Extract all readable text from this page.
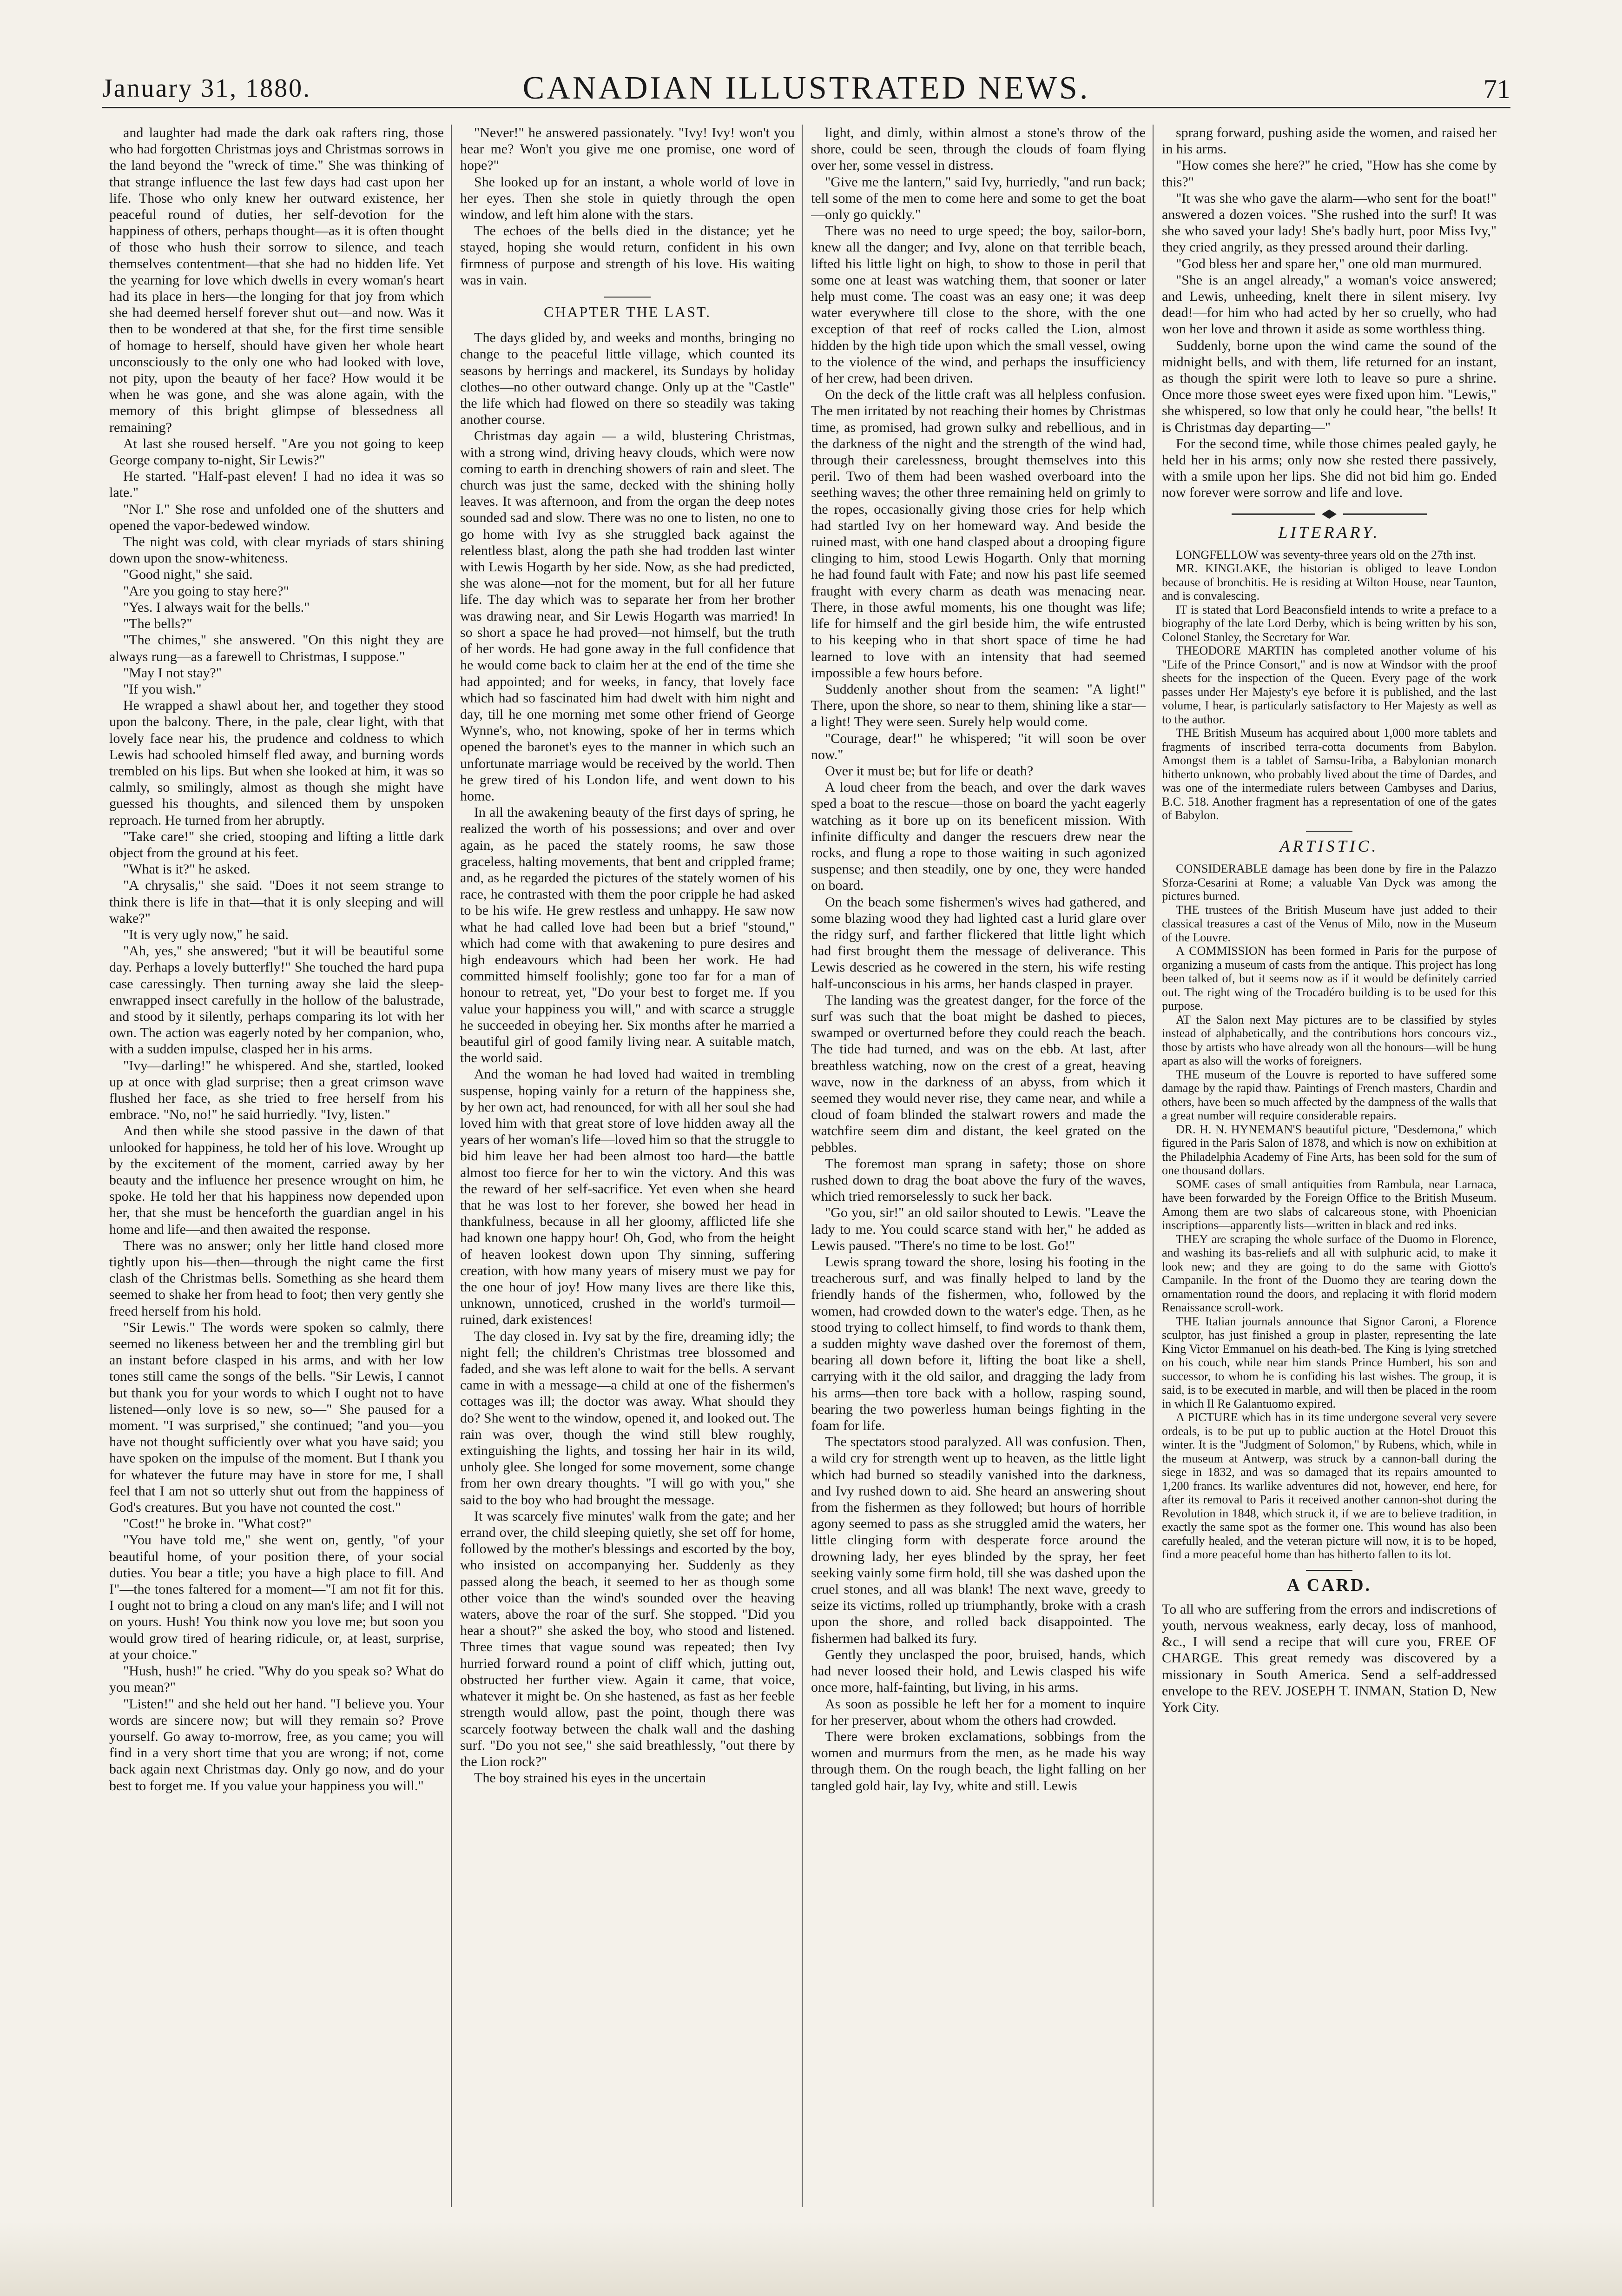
January 31, 1880.	CANADIAN ILLUSTRATED NEWS.	71

and laughter had made the dark oak rafters ring, those who had forgotten Christmas joys and Christmas sorrows in the land beyond the "wreck of time." She was thinking of that strange influence the last few days had cast upon her life. Those who only knew her outward existence, her peaceful round of duties, her self-devotion for the happiness of others, perhaps thought—as it is often thought of those who hush their sorrow to silence, and teach themselves contentment—that she had no hidden life. Yet the yearning for love which dwells in every woman's heart had its place in hers—the longing for that joy from which she had deemed herself forever shut out—and now. Was it then to be wondered at that she, for the first time sensible of homage to herself, should have given her whole heart unconsciously to the only one who had looked with love, not pity, upon the beauty of her face? How would it be when he was gone, and she was alone again, with the memory of this bright glimpse of blessedness all remaining?

At last she roused herself. "Are you not going to keep George company to-night, Sir Lewis?"

He started. "Half-past eleven! I had no idea it was so late."

"Nor I." She rose and unfolded one of the shutters and opened the vapor-bedewed window.

The night was cold, with clear myriads of stars shining down upon the snow-whiteness.

"Good night," she said.

"Are you going to stay here?"

"Yes. I always wait for the bells."

"The bells?"

"The chimes," she answered. "On this night they are always rung—as a farewell to Christmas, I suppose."

"May I not stay?"

"If you wish."

He wrapped a shawl about her, and together they stood upon the balcony. There, in the pale, clear light, with that lovely face near his, the prudence and coldness to which Lewis had schooled himself fled away, and burning words trembled on his lips. But when she looked at him, it was so calmly, so smilingly, almost as though she might have guessed his thoughts, and silenced them by unspoken reproach. He turned from her abruptly.

"Take care!" she cried, stooping and lifting a little dark object from the ground at his feet.

"What is it?" he asked.

"A chrysalis," she said. "Does it not seem strange to think there is life in that—that it is only sleeping and will wake?"

"It is very ugly now," he said.

"Ah, yes," she answered; "but it will be beautiful some day. Perhaps a lovely butterfly!" She touched the hard pupa case caressingly. Then turning away she laid the sleep-enwrapped insect carefully in the hollow of the balustrade, and stood by it silently, perhaps comparing its lot with her own. The action was eagerly noted by her companion, who, with a sudden impulse, clasped her in his arms.

"Ivy—darling!" he whispered. And she, startled, looked up at once with glad surprise; then a great crimson wave flushed her face, as she tried to free herself from his embrace. "No, no!" he said hurriedly. "Ivy, listen."

And then while she stood passive in the dawn of that unlooked for happiness, he told her of his love. Wrought up by the excitement of the moment, carried away by her beauty and the influence her presence wrought on him, he spoke. He told her that his happiness now depended upon her, that she must be henceforth the guardian angel in his home and life—and then awaited the response.

There was no answer; only her little hand closed more tightly upon his—then—through the night came the first clash of the Christmas bells. Something as she heard them seemed to shake her from head to foot; then very gently she freed herself from his hold.

"Sir Lewis." The words were spoken so calmly, there seemed no likeness between her and the trembling girl but an instant before clasped in his arms, and with her low tones still came the songs of the bells. "Sir Lewis, I cannot but thank you for your words to which I ought not to have listened—only love is so new, so—" She paused for a moment. "I was surprised," she continued; "and you—you have not thought sufficiently over what you have said; you have spoken on the impulse of the moment. But I thank you for whatever the future may have in store for me, I shall feel that I am not so utterly shut out from the happiness of God's creatures. But you have not counted the cost."

"Cost!" he broke in. "What cost?"

"You have told me," she went on, gently, "of your beautiful home, of your position there, of your social duties. You bear a title; you have a high place to fill. And I"—the tones faltered for a moment—"I am not fit for this. I ought not to bring a cloud on any man's life; and I will not on yours. Hush! You think now you love me; but soon you would grow tired of hearing ridicule, or, at least, surprise, at your choice."

"Hush, hush!" he cried. "Why do you speak so? What do you mean?"

"Listen!" and she held out her hand. "I believe you. Your words are sincere now; but will they remain so? Prove yourself. Go away to-morrow, free, as you came; you will find in a very short time that you are wrong; if not, come back again next Christmas day. Only go now, and do your best to forget me. If you value your happiness you will."

"Never!" he answered passionately. "Ivy! Ivy! won't you hear me? Won't you give me one promise, one word of hope?"

She looked up for an instant, a whole world of love in her eyes. Then she stole in quietly through the open window, and left him alone with the stars.

The echoes of the bells died in the distance; yet he stayed, hoping she would return, confident in his own firmness of purpose and strength of his love. His waiting was in vain.

CHAPTER THE LAST.

The days glided by, and weeks and months, bringing no change to the peaceful little village, which counted its seasons by herrings and mackerel, its Sundays by holiday clothes—no other outward change. Only up at the "Castle" the life which had flowed on there so steadily was taking another course.

Christmas day again — a wild, blustering Christmas, with a strong wind, driving heavy clouds, which were now coming to earth in drenching showers of rain and sleet. The church was just the same, decked with the shining holly leaves. It was afternoon, and from the organ the deep notes sounded sad and slow. There was no one to listen, no one to go home with Ivy as she struggled back against the relentless blast, along the path she had trodden last winter with Lewis Hogarth by her side. Now, as she had predicted, she was alone—not for the moment, but for all her future life. The day which was to separate her from her brother was drawing near, and Sir Lewis Hogarth was married! In so short a space he had proved—not himself, but the truth of her words. He had gone away in the full confidence that he would come back to claim her at the end of the time she had appointed; and for weeks, in fancy, that lovely face which had so fascinated him had dwelt with him night and day, till he one morning met some other friend of George Wynne's, who, not knowing, spoke of her in terms which opened the baronet's eyes to the manner in which such an unfortunate marriage would be received by the world. Then he grew tired of his London life, and went down to his home.

In all the awakening beauty of the first days of spring, he realized the worth of his possessions; and over and over again, as he paced the stately rooms, he saw those graceless, halting movements, that bent and crippled frame; and, as he regarded the pictures of the stately women of his race, he contrasted with them the poor cripple he had asked to be his wife. He grew restless and unhappy. He saw now what he had called love had been but a brief "stound," which had come with that awakening to pure desires and high endeavours which had been her work. He had committed himself foolishly; gone too far for a man of honour to retreat, yet, "Do your best to forget me. If you value your happiness you will," and with scarce a struggle he succeeded in obeying her. Six months after he married a beautiful girl of good family living near. A suitable match, the world said.

And the woman he had loved had waited in trembling suspense, hoping vainly for a return of the happiness she, by her own act, had renounced, for with all her soul she had loved him with that great store of love hidden away all the years of her woman's life—loved him so that the struggle to bid him leave her had been almost too hard—the battle almost too fierce for her to win the victory. And this was the reward of her self-sacrifice. Yet even when she heard that he was lost to her forever, she bowed her head in thankfulness, because in all her gloomy, afflicted life she had known one happy hour! Oh, God, who from the height of heaven lookest down upon Thy sinning, suffering creation, with how many years of misery must we pay for the one hour of joy! How many lives are there like this, unknown, unnoticed, crushed in the world's turmoil—ruined, dark existences!

The day closed in. Ivy sat by the fire, dreaming idly; the night fell; the children's Christmas tree blossomed and faded, and she was left alone to wait for the bells. A servant came in with a message—a child at one of the fishermen's cottages was ill; the doctor was away. What should they do? She went to the window, opened it, and looked out. The rain was over, though the wind still blew roughly, extinguishing the lights, and tossing her hair in its wild, unholy glee. She longed for some movement, some change from her own dreary thoughts. "I will go with you," she said to the boy who had brought the message.

It was scarcely five minutes' walk from the gate; and her errand over, the child sleeping quietly, she set off for home, followed by the mother's blessings and escorted by the boy, who insisted on accompanying her. Suddenly as they passed along the beach, it seemed to her as though some other voice than the wind's sounded over the heaving waters, above the roar of the surf. She stopped. "Did you hear a shout?" she asked the boy, who stood and listened. Three times that vague sound was repeated; then Ivy hurried forward round a point of cliff which, jutting out, obstructed her further view. Again it came, that voice, whatever it might be. On she hastened, as fast as her feeble strength would allow, past the point, though there was scarcely footway between the chalk wall and the dashing surf. "Do you not see," she said breathlessly, "out there by the Lion rock?"

The boy strained his eyes in the uncertain

light, and dimly, within almost a stone's throw of the shore, could be seen, through the clouds of foam flying over her, some vessel in distress.

"Give me the lantern," said Ivy, hurriedly, "and run back; tell some of the men to come here and some to get the boat—only go quickly."

There was no need to urge speed; the boy, sailor-born, knew all the danger; and Ivy, alone on that terrible beach, lifted his little light on high, to show to those in peril that some one at least was watching them, that sooner or later help must come. The coast was an easy one; it was deep water everywhere till close to the shore, with the one exception of that reef of rocks called the Lion, almost hidden by the high tide upon which the small vessel, owing to the violence of the wind, and perhaps the insufficiency of her crew, had been driven.

On the deck of the little craft was all helpless confusion. The men irritated by not reaching their homes by Christmas time, as promised, had grown sulky and rebellious, and in the darkness of the night and the strength of the wind had, through their carelessness, brought themselves into this peril. Two of them had been washed overboard into the seething waves; the other three remaining held on grimly to the ropes, occasionally giving those cries for help which had startled Ivy on her homeward way. And beside the ruined mast, with one hand clasped about a drooping figure clinging to him, stood Lewis Hogarth. Only that morning he had found fault with Fate; and now his past life seemed fraught with every charm as death was menacing near. There, in those awful moments, his one thought was life; life for himself and the girl beside him, the wife entrusted to his keeping who in that short space of time he had learned to love with an intensity that had seemed impossible a few hours before.

Suddenly another shout from the seamen: "A light!" There, upon the shore, so near to them, shining like a star—a light! They were seen. Surely help would come.

"Courage, dear!" he whispered; "it will soon be over now."

Over it must be; but for life or death?

A loud cheer from the beach, and over the dark waves sped a boat to the rescue—those on board the yacht eagerly watching as it bore up on its beneficent mission. With infinite difficulty and danger the rescuers drew near the rocks, and flung a rope to those waiting in such agonized suspense; and then steadily, one by one, they were handed on board.

On the beach some fishermen's wives had gathered, and some blazing wood they had lighted cast a lurid glare over the ridgy surf, and farther flickered that little light which had first brought them the message of deliverance. This Lewis descried as he cowered in the stern, his wife resting half-unconscious in his arms, her hands clasped in prayer.

The landing was the greatest danger, for the force of the surf was such that the boat might be dashed to pieces, swamped or overturned before they could reach the beach. The tide had turned, and was on the ebb. At last, after breathless watching, now on the crest of a great, heaving wave, now in the darkness of an abyss, from which it seemed they would never rise, they came near, and while a cloud of foam blinded the stalwart rowers and made the watchfire seem dim and distant, the keel grated on the pebbles.

The foremost man sprang in safety; those on shore rushed down to drag the boat above the fury of the waves, which tried remorselessly to suck her back.

"Go you, sir!" an old sailor shouted to Lewis. "Leave the lady to me. You could scarce stand with her," he added as Lewis paused. "There's no time to be lost. Go!"

Lewis sprang toward the shore, losing his footing in the treacherous surf, and was finally helped to land by the friendly hands of the fishermen, who, followed by the women, had crowded down to the water's edge. Then, as he stood trying to collect himself, to find words to thank them, a sudden mighty wave dashed over the foremost of them, bearing all down before it, lifting the boat like a shell, carrying with it the old sailor, and dragging the lady from his arms—then tore back with a hollow, rasping sound, bearing the two powerless human beings fighting in the foam for life.

The spectators stood paralyzed. All was confusion. Then, a wild cry for strength went up to heaven, as the little light which had burned so steadily vanished into the darkness, and Ivy rushed down to aid. She heard an answering shout from the fishermen as they followed; but hours of horrible agony seemed to pass as she struggled amid the waters, her little clinging form with desperate force around the drowning lady, her eyes blinded by the spray, her feet seeking vainly some firm hold, till she was dashed upon the cruel stones, and all was blank! The next wave, greedy to seize its victims, rolled up triumphantly, broke with a crash upon the shore, and rolled back disappointed. The fishermen had balked its fury.

Gently they unclasped the poor, bruised, hands, which had never loosed their hold, and Lewis clasped his wife once more, half-fainting, but living, in his arms.

As soon as possible he left her for a moment to inquire for her preserver, about whom the others had crowded.

There were broken exclamations, sobbings from the women and murmurs from the men, as he made his way through them. On the rough beach, the light falling on her tangled gold hair, lay Ivy, white and still. Lewis

sprang forward, pushing aside the women, and raised her in his arms.

"How comes she here?" he cried, "How has she come by this?"

"It was she who gave the alarm—who sent for the boat!" answered a dozen voices. "She rushed into the surf! It was she who saved your lady! She's badly hurt, poor Miss Ivy," they cried angrily, as they pressed around their darling.

"God bless her and spare her," one old man murmured.

"She is an angel already," a woman's voice answered; and Lewis, unheeding, knelt there in silent misery. Ivy dead!—for him who had acted by her so cruelly, who had won her love and thrown it aside as some worthless thing.

Suddenly, borne upon the wind came the sound of the midnight bells, and with them, life returned for an instant, as though the spirit were loth to leave so pure a shrine. Once more those sweet eyes were fixed upon him. "Lewis," she whispered, so low that only he could hear, "the bells! It is Christmas day departing—"

For the second time, while those chimes pealed gayly, he held her in his arms; only now she rested there passively, with a smile upon her lips. She did not bid him go. Ended now forever were sorrow and life and love.

LITERARY.

LONGFELLOW was seventy-three years old on the 27th inst.

MR. KINGLAKE, the historian is obliged to leave London because of bronchitis. He is residing at Wilton House, near Taunton, and is convalescing.

IT is stated that Lord Beaconsfield intends to write a preface to a biography of the late Lord Derby, which is being written by his son, Colonel Stanley, the Secretary for War.

THEODORE MARTIN has completed another volume of his "Life of the Prince Consort," and is now at Windsor with the proof sheets for the inspection of the Queen. Every page of the work passes under Her Majesty's eye before it is published, and the last volume, I hear, is particularly satisfactory to Her Majesty as well as to the author.

THE British Museum has acquired about 1,000 more tablets and fragments of inscribed terra-cotta documents from Babylon. Amongst them is a tablet of Samsu-Iriba, a Babylonian monarch hitherto unknown, who probably lived about the time of Dardes, and was one of the intermediate rulers between Cambyses and Darius, B.C. 518. Another fragment has a representation of one of the gates of Babylon.

ARTISTIC.

CONSIDERABLE damage has been done by fire in the Palazzo Sforza-Cesarini at Rome; a valuable Van Dyck was among the pictures burned.

THE trustees of the British Museum have just added to their classical treasures a cast of the Venus of Milo, now in the Museum of the Louvre.

A COMMISSION has been formed in Paris for the purpose of organizing a museum of casts from the antique. This project has long been talked of, but it seems now as if it would be definitely carried out. The right wing of the Trocadéro building is to be used for this purpose.

AT the Salon next May pictures are to be classified by styles instead of alphabetically, and the contributions hors concours viz., those by artists who have already won all the honours—will be hung apart as also will the works of foreigners.

THE museum of the Louvre is reported to have suffered some damage by the rapid thaw. Paintings of French masters, Chardin and others, have been so much affected by the dampness of the walls that a great number will require considerable repairs.

DR. H. N. HYNEMAN'S beautiful picture, "Desdemona," which figured in the Paris Salon of 1878, and which is now on exhibition at the Philadelphia Academy of Fine Arts, has been sold for the sum of one thousand dollars.

SOME cases of small antiquities from Rambula, near Larnaca, have been forwarded by the Foreign Office to the British Museum. Among them are two slabs of calcareous stone, with Phoenician inscriptions—apparently lists—written in black and red inks.

THEY are scraping the whole surface of the Duomo in Florence, and washing its bas-reliefs and all with sulphuric acid, to make it look new; and they are going to do the same with Giotto's Campanile. In the front of the Duomo they are tearing down the ornamentation round the doors, and replacing it with florid modern Renaissance scroll-work.

THE Italian journals announce that Signor Caroni, a Florence sculptor, has just finished a group in plaster, representing the late King Victor Emmanuel on his death-bed. The King is lying stretched on his couch, while near him stands Prince Humbert, his son and successor, to whom he is confiding his last wishes. The group, it is said, is to be executed in marble, and will then be placed in the room in which Il Re Galantuomo expired.

A PICTURE which has in its time undergone several very severe ordeals, is to be put up to public auction at the Hotel Drouot this winter. It is the "Judgment of Solomon," by Rubens, which, while in the museum at Antwerp, was struck by a cannon-ball during the siege in 1832, and was so damaged that its repairs amounted to 1,200 francs. Its warlike adventures did not, however, end here, for after its removal to Paris it received another cannon-shot during the Revolution in 1848, which struck it, if we are to believe tradition, in exactly the same spot as the former one. This wound has also been carefully healed, and the veteran picture will now, it is to be hoped, find a more peaceful home than has hitherto fallen to its lot.

A CARD.

To all who are suffering from the errors and indiscretions of youth, nervous weakness, early decay, loss of manhood, &c., I will send a recipe that will cure you, FREE OF CHARGE. This great remedy was discovered by a missionary in South America. Send a self-addressed envelope to the REV. JOSEPH T. INMAN, Station D, New York City.
